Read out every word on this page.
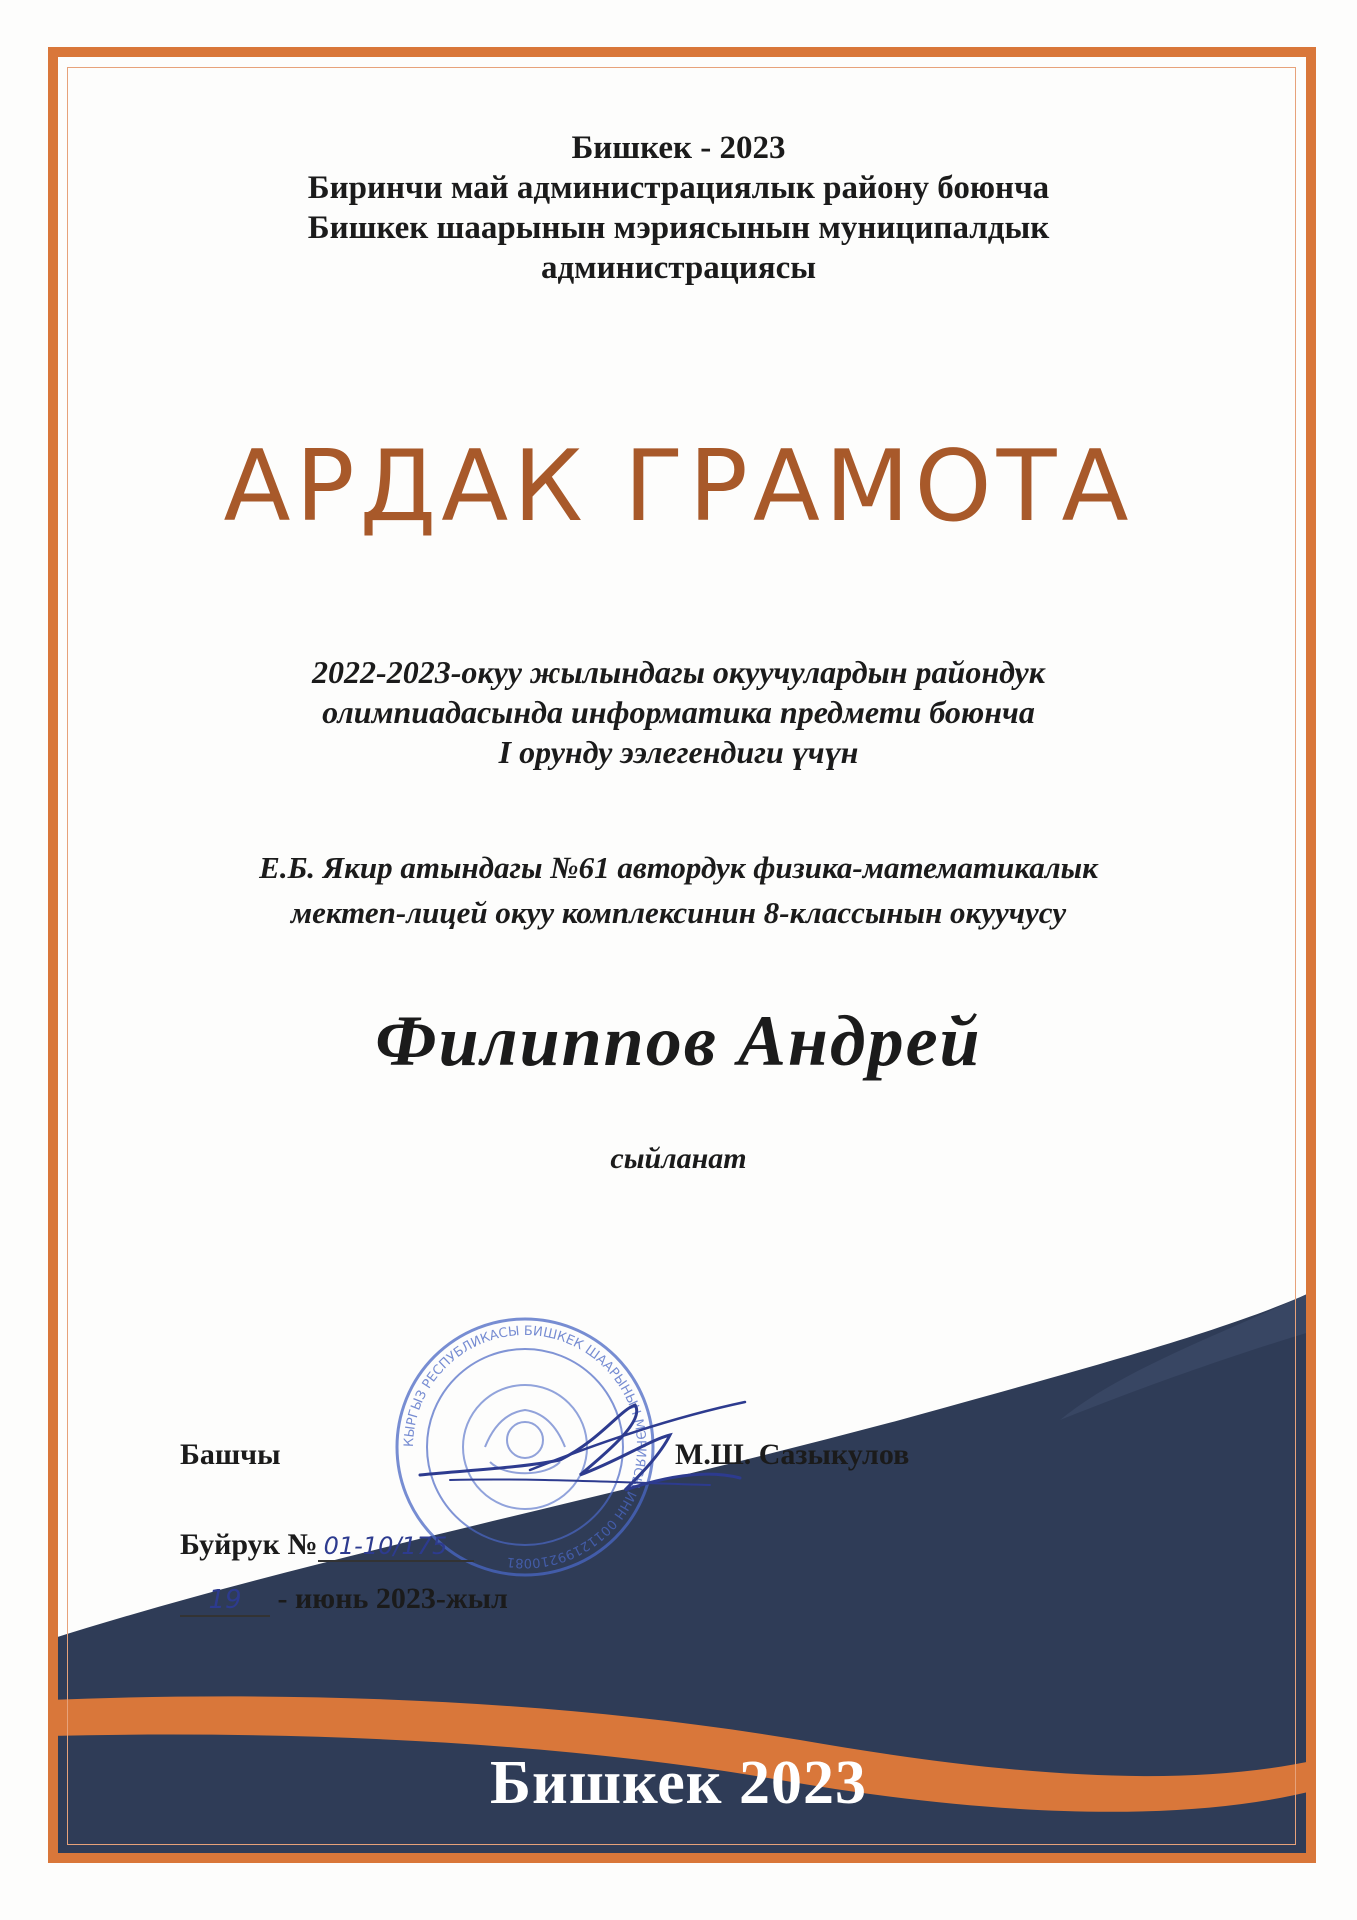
Бишкек - 2023
Биринчи май администрациялык району боюнча
Бишкек шаарынын мэриясынын муниципалдык
администрациясы
АРДАК ГРАМОТА
2022-2023-окуу жылындагы окуучулардын райондук
олимпиадасында информатика предмети боюнча
I орунду ээлегендиги үчүн
Е.Б. Якир атындагы №61 автордук физика-математикалык
мектеп-лицей окуу комплексинин 8-классынын окуучусу
Филиппов Андрей
сыйланат
КЫРГЫЗ РЕСПУБЛИКАСЫ БИШКЕК ШААРЫНЫН МЭРИЯСЫ ИНН 00112199210081
Башчы	М.Ш. Сазыкулов
Буйрук № 01-10/175
19 - июнь 2023-жыл
Бишкек 2023
